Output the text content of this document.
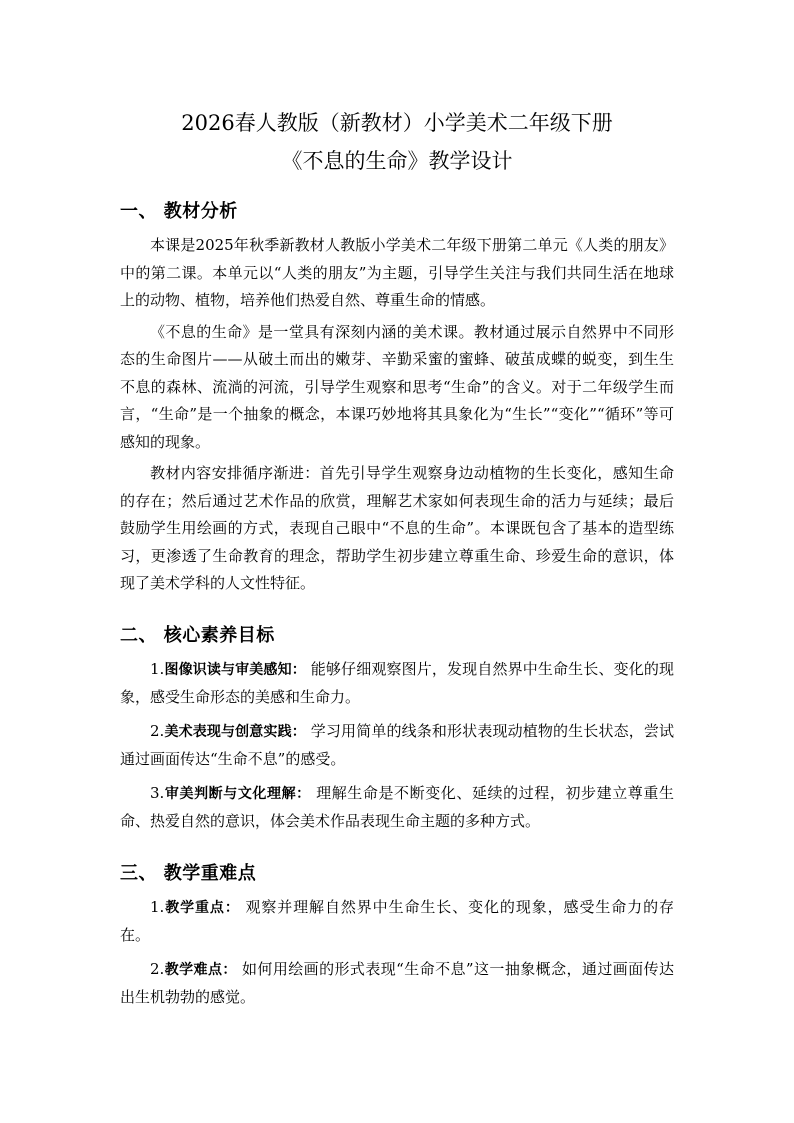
2026春人教版（新教材）小学美术二年级下册
《不息的生命》教学设计
一、 教材分析

本课是2025年秋季新教材人教版小学美术二年级下册第二单元《人类的朋友》中的第二课。本单元以“人类的朋友”为主题，引导学生关注与我们共同生活在地球上的动物、植物，培养他们热爱自然、尊重生命的情感。

《不息的生命》是一堂具有深刻内涵的美术课。教材通过展示自然界中不同形态的生命图片——从破土而出的嫩芽、辛勤采蜜的蜜蜂、破茧成蝶的蜕变，到生生不息的森林、流淌的河流，引导学生观察和思考“生命”的含义。对于二年级学生而言，“生命”是一个抽象的概念，本课巧妙地将其具象化为“生长”“变化”“循环”等可感知的现象。

教材内容安排循序渐进：首先引导学生观察身边动植物的生长变化，感知生命的存在；然后通过艺术作品的欣赏，理解艺术家如何表现生命的活力与延续；最后鼓励学生用绘画的方式，表现自己眼中“不息的生命”。本课既包含了基本的造型练习，更渗透了生命教育的理念，帮助学生初步建立尊重生命、珍爱生命的意识，体现了美术学科的人文性特征。

二、 核心素养目标

1.图像识读与审美感知： 能够仔细观察图片，发现自然界中生命生长、变化的现象，感受生命形态的美感和生命力。

2.美术表现与创意实践： 学习用简单的线条和形状表现动植物的生长状态，尝试通过画面传达“生命不息”的感受。

3.审美判断与文化理解： 理解生命是不断变化、延续的过程，初步建立尊重生命、热爱自然的意识，体会美术作品表现生命主题的多种方式。

三、 教学重难点

1.教学重点： 观察并理解自然界中生命生长、变化的现象，感受生命力的存在。

2.教学难点： 如何用绘画的形式表现“生命不息”这一抽象概念，通过画面传达出生机勃勃的感觉。
